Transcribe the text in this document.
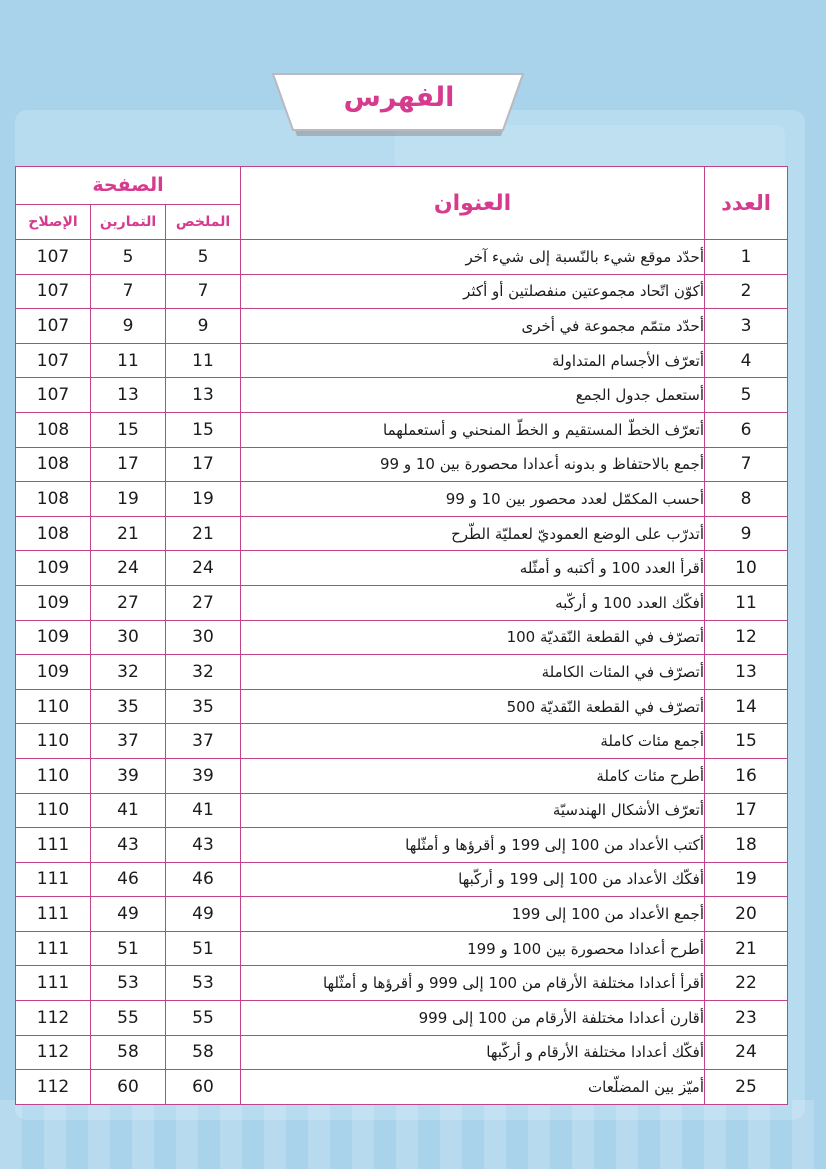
الفهرس
العدد	العنوان	الصفحة		
		الملخص	التمارين	الإصلاح
1	أحدّد موقع شيء بالنّسبة إلى شيء آخر	5	5	107
2	أكوّن اتّحاد مجموعتين منفصلتين أو أكثر	7	7	107
3	أحدّد متمّم مجموعة في أخرى	9	9	107
4	أتعرّف الأجسام المتداولة	11	11	107
5	أستعمل جدول الجمع	13	13	107
6	أتعرّف الخطّ المستقيم و الخطّ المنحني و أستعملهما	15	15	108
7	أجمع بالاحتفاظ و بدونه أعدادا محصورة بين 10 و 99	17	17	108
8	أحسب المكمّل لعدد محصور بين 10 و 99	19	19	108
9	أتدرّب على الوضع العموديّ لعمليّة الطّرح	21	21	108
10	أقرأ العدد 100 و أكتبه و أمثّله	24	24	109
11	أفكّك العدد 100 و أركّبه	27	27	109
12	أتصرّف في القطعة النّقديّة 100	30	30	109
13	أتصرّف في المئات الكاملة	32	32	109
14	أتصرّف في القطعة النّقديّة 500	35	35	110
15	أجمع مئات كاملة	37	37	110
16	أطرح مئات كاملة	39	39	110
17	أتعرّف الأشكال الهندسيّة	41	41	110
18	أكتب الأعداد من 100 إلى 199 و أقرؤها و أمثّلها	43	43	111
19	أفكّك الأعداد من 100 إلى 199 و أركّبها	46	46	111
20	أجمع الأعداد من 100 إلى 199	49	49	111
21	أطرح أعدادا محصورة بين 100 و 199	51	51	111
22	أقرأ أعدادا مختلفة الأرقام من 100 إلى 999 و أقرؤها و أمثّلها	53	53	111
23	أقارن أعدادا مختلفة الأرقام من 100 إلى 999	55	55	112
24	أفكّك أعدادا مختلفة الأرقام و أركّبها	58	58	112
25	أميّز بين المضلّعات	60	60	112
